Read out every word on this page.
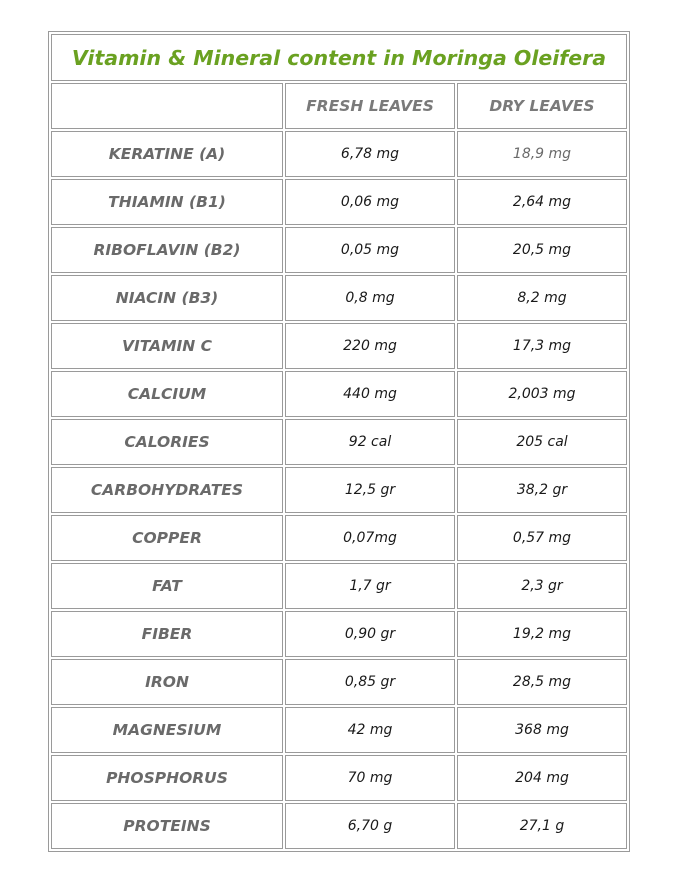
Vitamin & Mineral content in Moringa Oleifera		
	FRESH LEAVES	DRY LEAVES
KERATINE (A)	6,78 mg	18,9 mg
THIAMIN (B1)	0,06 mg	2,64 mg
RIBOFLAVIN (B2)	0,05 mg	20,5 mg
NIACIN (B3)	0,8 mg	8,2 mg
VITAMIN C	220 mg	17,3 mg
CALCIUM	440 mg	2,003 mg
CALORIES	92 cal	205 cal
CARBOHYDRATES	12,5 gr	38,2 gr
COPPER	0,07mg	0,57 mg
FAT	1,7 gr	2,3 gr
FIBER	0,90 gr	19,2 mg
IRON	0,85 gr	28,5 mg
MAGNESIUM	42 mg	368 mg
PHOSPHORUS	70 mg	204 mg
PROTEINS	6,70 g	27,1 g
